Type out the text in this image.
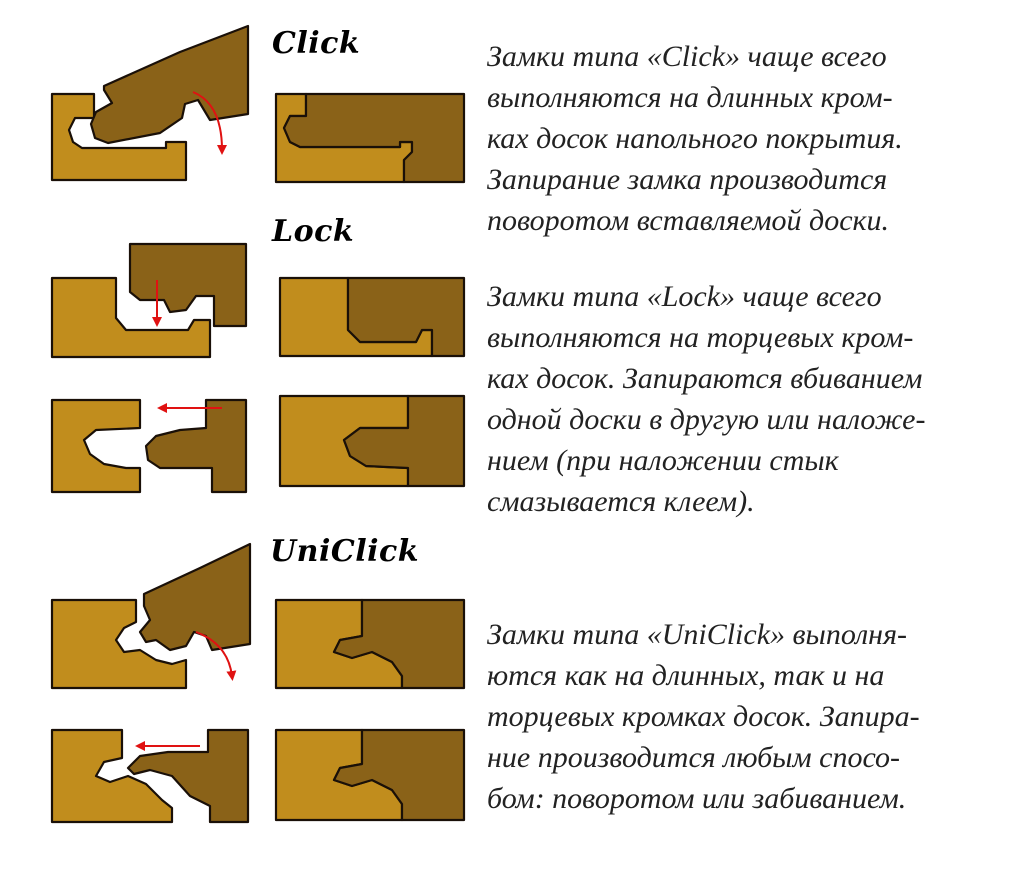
Click
Lock
UniClick
Замки типа «Click» чаще всего
выполняются на длинных кром-
ках досок напольного покрытия.
Запирание замка производится
поворотом вставляемой доски.
Замки типа «Lock» чаще всего
выполняются на торцевых кром-
ках досок. Запираются вбиванием
одной доски в другую или наложе-
нием (при наложении стык
смазывается клеем).
Замки типа «UniClick» выполня-
ются как на длинных, так и на
торцевых кромках досок. Запира-
ние производится любым спосо-
бом: поворотом или забиванием.
